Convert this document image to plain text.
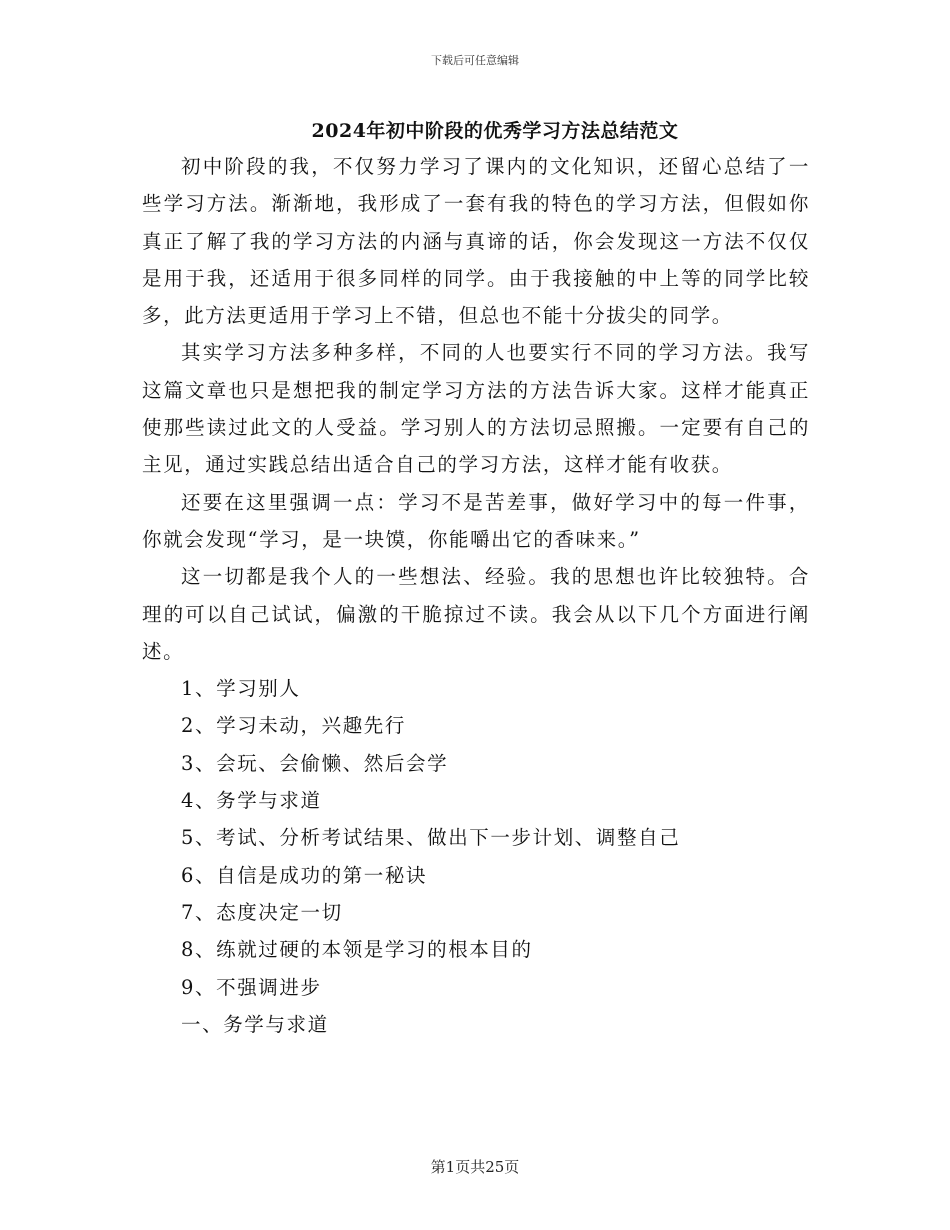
下载后可任意编辑
2024年初中阶段的优秀学习方法总结范文

初中阶段的我，不仅努力学习了课内的文化知识，还留心总结了一些学习方法。渐渐地，我形成了一套有我的特色的学习方法，但假如你真正了解了我的学习方法的内涵与真谛的话，你会发现这一方法不仅仅是用于我，还适用于很多同样的同学。由于我接触的中上等的同学比较多，此方法更适用于学习上不错，但总也不能十分拔尖的同学。

其实学习方法多种多样，不同的人也要实行不同的学习方法。我写这篇文章也只是想把我的制定学习方法的方法告诉大家。这样才能真正使那些读过此文的人受益。学习别人的方法切忌照搬。一定要有自己的主见，通过实践总结出适合自己的学习方法，这样才能有收获。

还要在这里强调一点：学习不是苦差事，做好学习中的每一件事，你就会发现“学习，是一块馍，你能嚼出它的香味来。”

这一切都是我个人的一些想法、经验。我的思想也许比较独特。合理的可以自己试试，偏激的干脆掠过不读。我会从以下几个方面进行阐述。

1、学习别人

2、学习未动，兴趣先行

3、会玩、会偷懒、然后会学

4、务学与求道

5、考试、分析考试结果、做出下一步计划、调整自己

6、自信是成功的第一秘诀

7、态度决定一切

8、练就过硬的本领是学习的根本目的

9、不强调进步

一、务学与求道

第1页共25页
